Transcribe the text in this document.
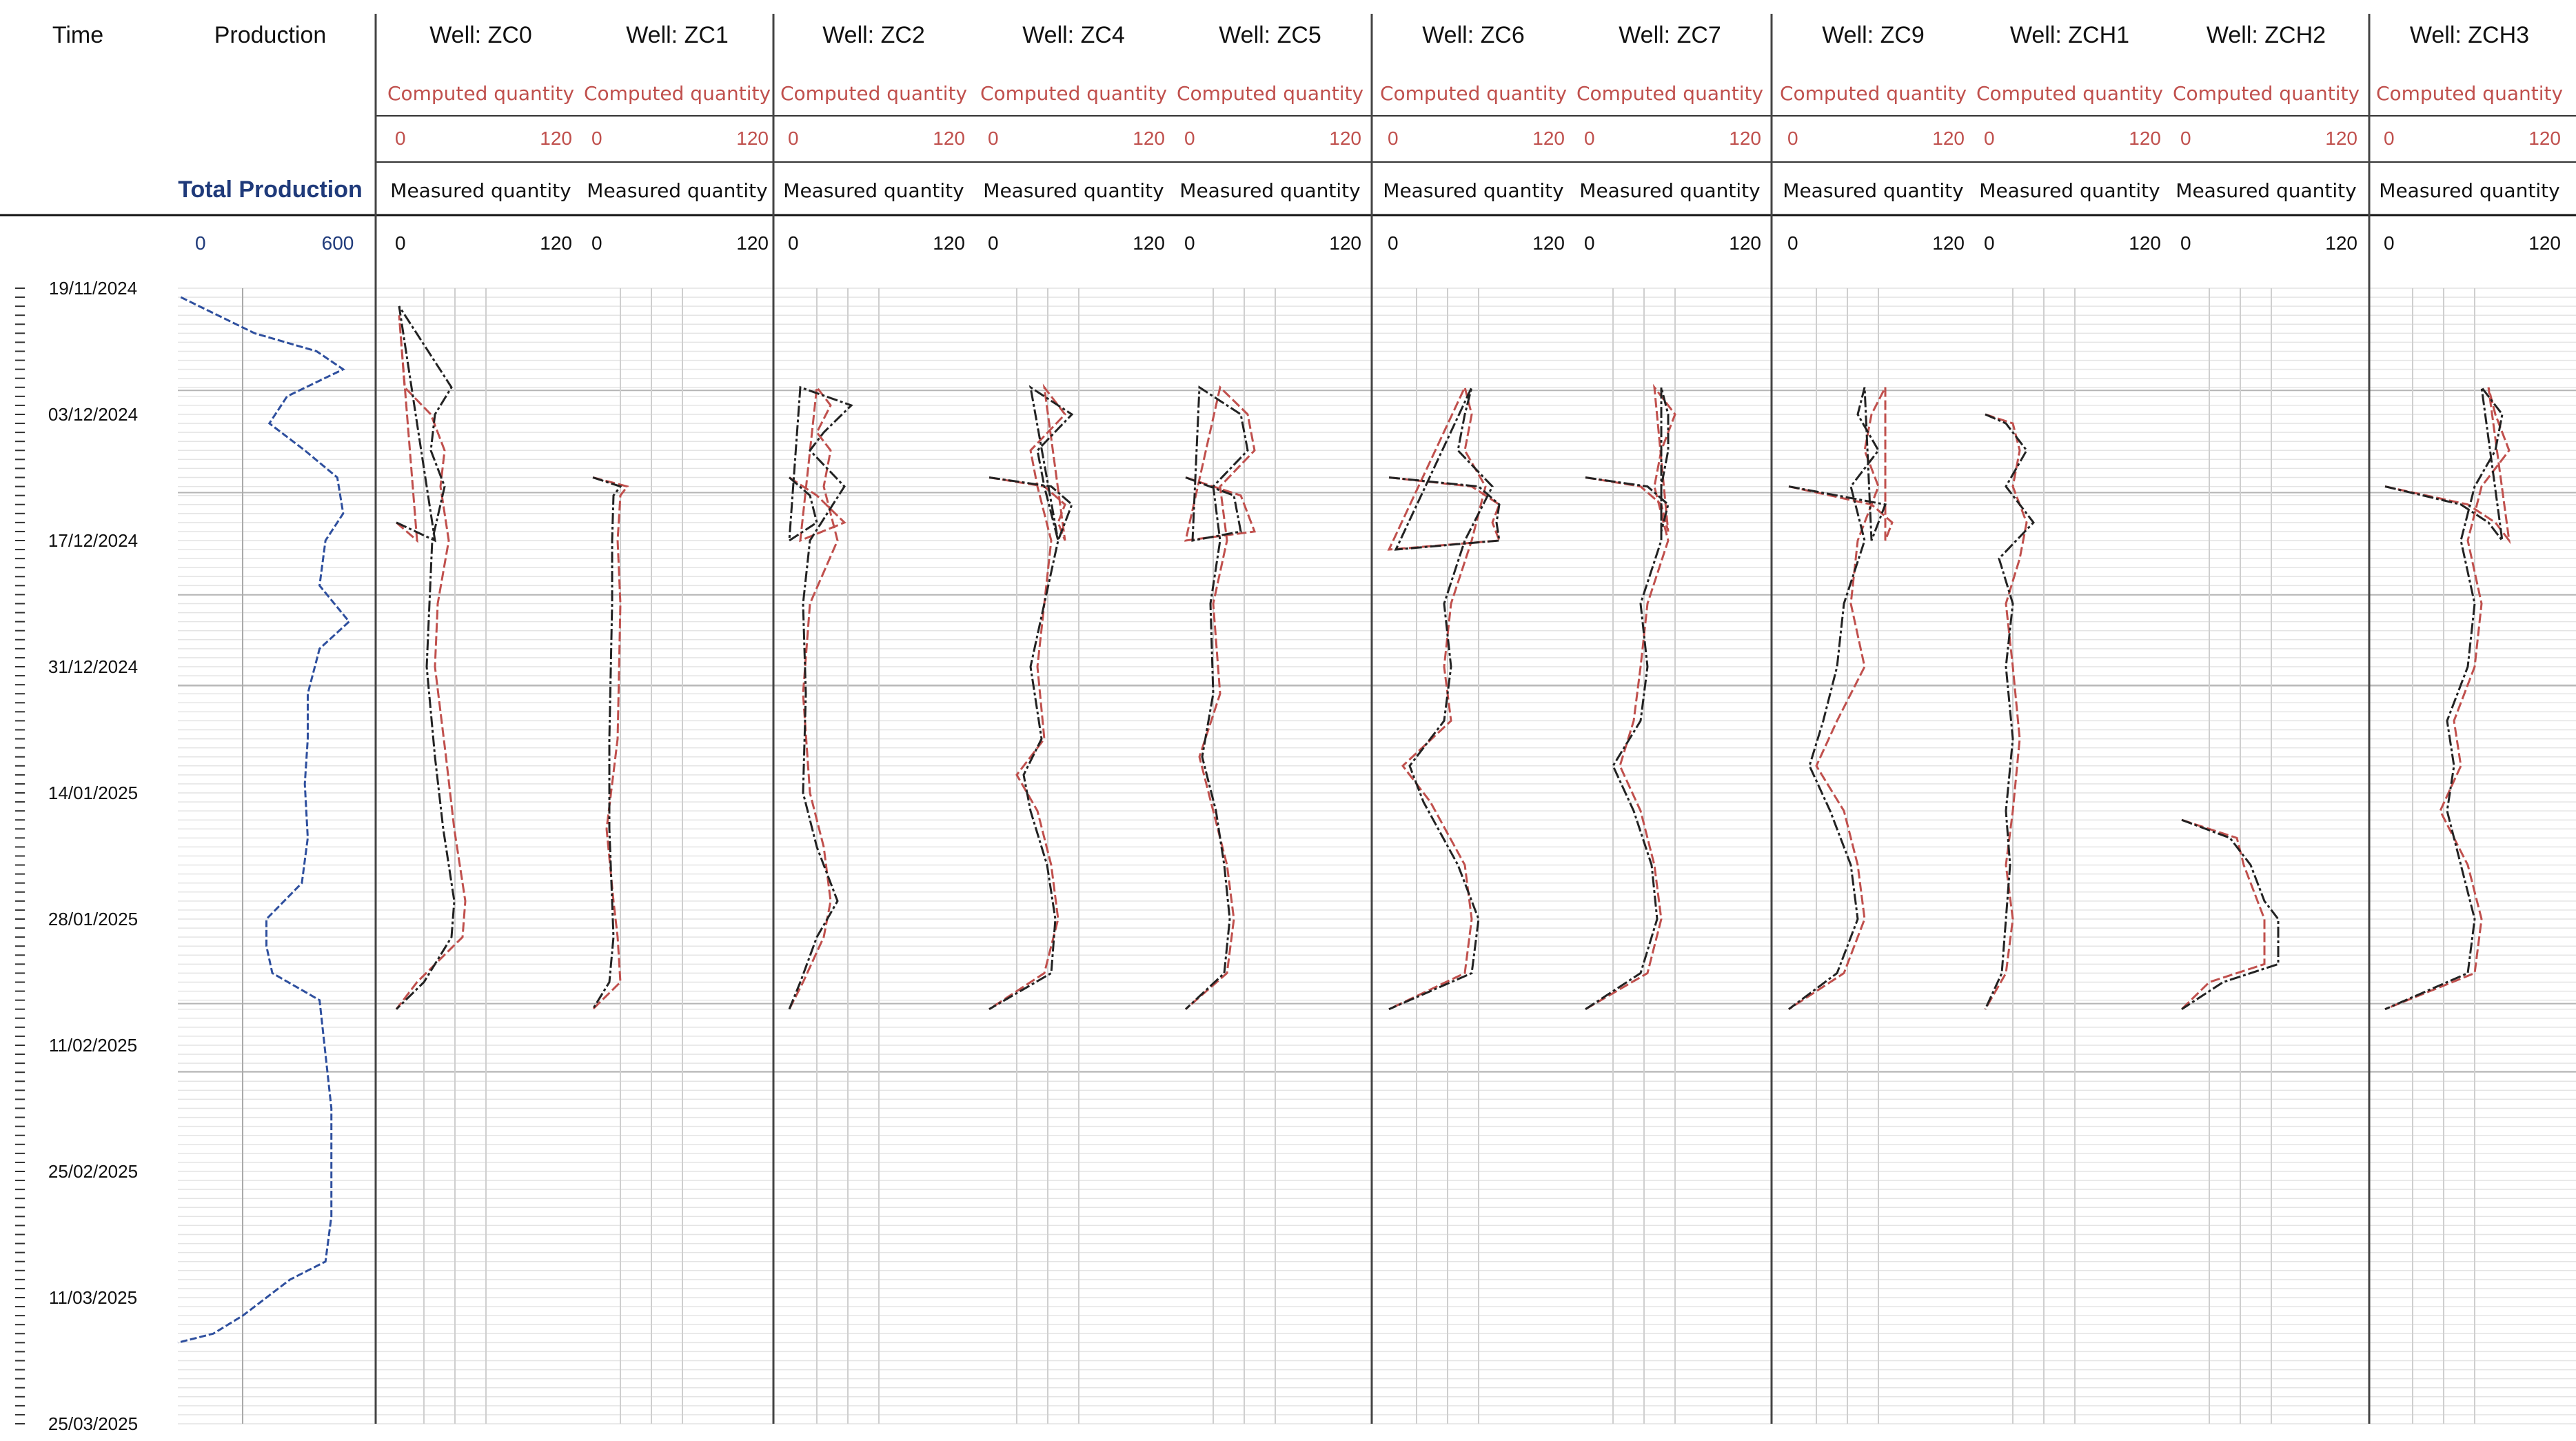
Time	Production
Total Production
19/11/2024
03/12/2024
17/12/2024
31/12/2024
14/01/2025
28/01/2025
11/02/2025
25/02/2025
11/03/2025
25/03/2025
0	600
Well: ZC0
Computed quantity
0	120
Measured quantity
0	120
Well: ZC1
Computed quantity
0	120
Measured quantity
0	120
Well: ZC2
Computed quantity
0	120
Measured quantity
0	120
Well: ZC4
Computed quantity
0	120
Measured quantity
0	120
Well: ZC5
Computed quantity
0	120
Measured quantity
0	120
Well: ZC6
Computed quantity
0	120
Measured quantity
0	120
Well: ZC7
Computed quantity
0	120
Measured quantity
0	120
Well: ZC9
Computed quantity
0	120
Measured quantity
0	120
Well: ZCH1
Computed quantity
0	120
Measured quantity
0	120
Well: ZCH2
Computed quantity
0	120
Measured quantity
0	120
Well: ZCH3
Computed quantity
0	120
Measured quantity
0	120
